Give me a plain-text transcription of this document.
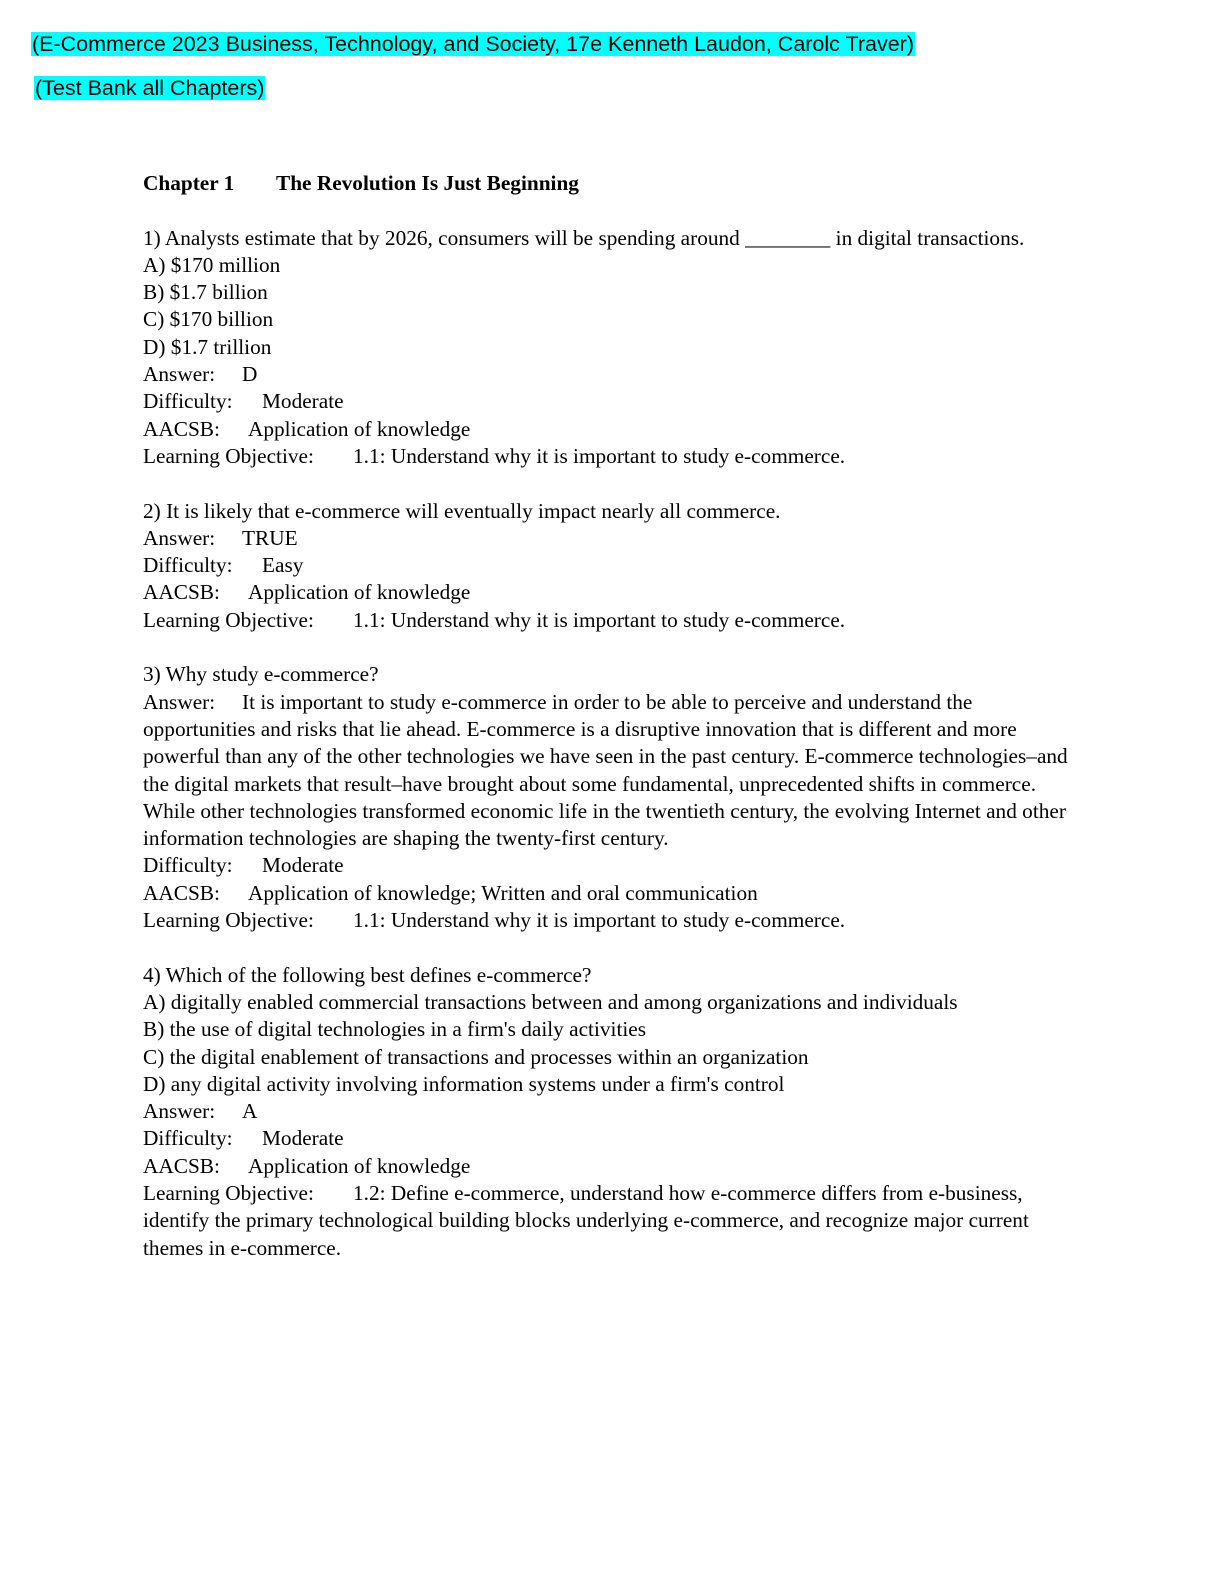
(E-Commerce 2023 Business, Technology, and Society, 17e Kenneth Laudon, Carolc Traver)
(Test Bank all Chapters)
Chapter 1 The Revolution Is Just Beginning

1) Analysts estimate that by 2026, consumers will be spending around ________ in digital transactions.

A) $170 million

B) $1.7 billion

C) $170 billion

D) $1.7 trillion

Answer: D

Difficulty: Moderate

AACSB: Application of knowledge

Learning Objective: 1.1: Understand why it is important to study e-commerce.

2) It is likely that e-commerce will eventually impact nearly all commerce.

Answer: TRUE

Difficulty: Easy

AACSB: Application of knowledge

Learning Objective: 1.1: Understand why it is important to study e-commerce.

3) Why study e-commerce?

Answer: It is important to study e-commerce in order to be able to perceive and understand the opportunities and risks that lie ahead. E-commerce is a disruptive innovation that is different and more powerful than any of the other technologies we have seen in the past century. E-commerce technologies–and the digital markets that result–have brought about some fundamental, unprecedented shifts in commerce. While other technologies transformed economic life in the twentieth century, the evolving Internet and other information technologies are shaping the twenty-first century.

Difficulty: Moderate

AACSB: Application of knowledge; Written and oral communication

Learning Objective: 1.1: Understand why it is important to study e-commerce.

4) Which of the following best defines e-commerce?

A) digitally enabled commercial transactions between and among organizations and individuals

B) the use of digital technologies in a firm's daily activities

C) the digital enablement of transactions and processes within an organization

D) any digital activity involving information systems under a firm's control

Answer: A

Difficulty: Moderate

AACSB: Application of knowledge

Learning Objective: 1.2: Define e-commerce, understand how e-commerce differs from e-business, identify the primary technological building blocks underlying e-commerce, and recognize major current themes in e-commerce.
